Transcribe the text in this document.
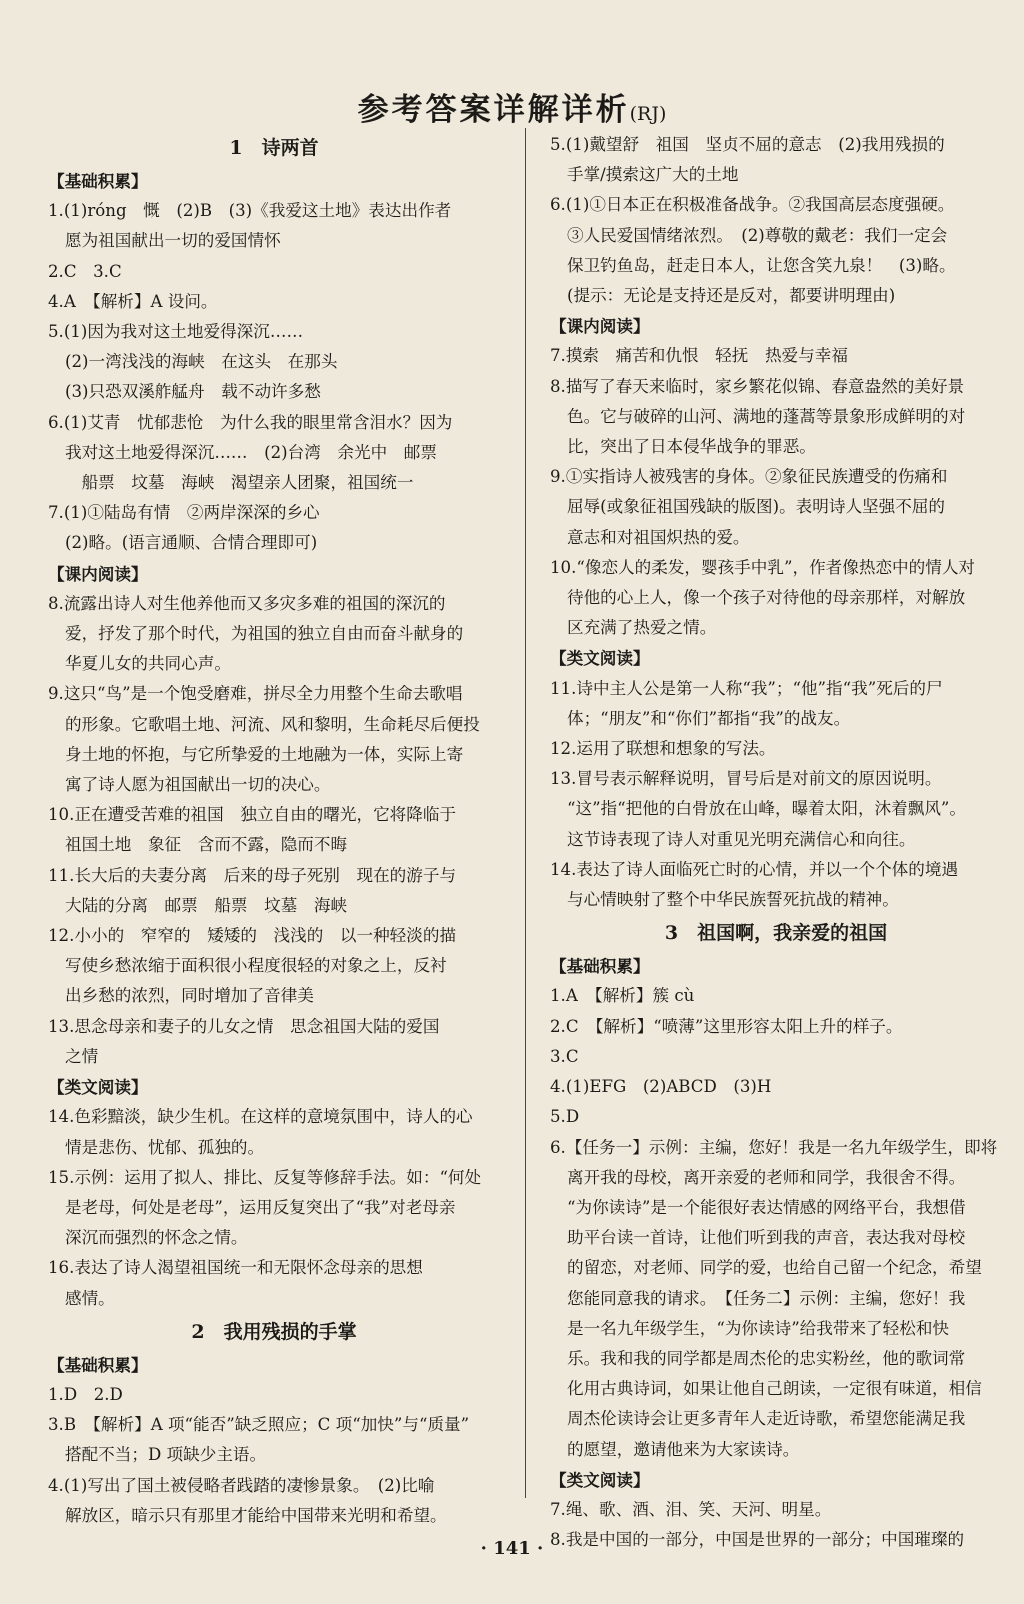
参考答案详解详析(RJ)
1　诗两首
【基础积累】
1.(1)róng　慨　(2)B　(3)《我爱这土地》表达出作者
愿为祖国献出一切的爱国情怀
2.C　3.C
4.A　【解析】A 设问。
5.(1)因为我对这土地爱得深沉……
(2)一湾浅浅的海峡　在这头　在那头
(3)只恐双溪舴艋舟　载不动许多愁
6.(1)艾青　忧郁悲怆　为什么我的眼里常含泪水？因为
我对这土地爱得深沉……　(2)台湾　余光中　邮票
　船票　坟墓　海峡　渴望亲人团聚，祖国统一
7.(1)①陆岛有情　②两岸深深的乡心
(2)略。(语言通顺、合情合理即可)
【课内阅读】
8.流露出诗人对生他养他而又多灾多难的祖国的深沉的
爱，抒发了那个时代，为祖国的独立自由而奋斗献身的
华夏儿女的共同心声。
9.这只“鸟”是一个饱受磨难，拼尽全力用整个生命去歌唱
的形象。它歌唱土地、河流、风和黎明，生命耗尽后便投
身土地的怀抱，与它所挚爱的土地融为一体，实际上寄
寓了诗人愿为祖国献出一切的决心。
10.正在遭受苦难的祖国　独立自由的曙光，它将降临于
祖国土地　象征　含而不露，隐而不晦
11.长大后的夫妻分离　后来的母子死别　现在的游子与
大陆的分离　邮票　船票　坟墓　海峡
12.小小的　窄窄的　矮矮的　浅浅的　以一种轻淡的描
写使乡愁浓缩于面积很小程度很轻的对象之上，反衬
出乡愁的浓烈，同时增加了音律美
13.思念母亲和妻子的儿女之情　思念祖国大陆的爱国
之情
【类文阅读】
14.色彩黯淡，缺少生机。在这样的意境氛围中，诗人的心
情是悲伤、忧郁、孤独的。
15.示例：运用了拟人、排比、反复等修辞手法。如：“何处
是老母，何处是老母”，运用反复突出了“我”对老母亲
深沉而强烈的怀念之情。
16.表达了诗人渴望祖国统一和无限怀念母亲的思想
感情。
2　我用残损的手掌
【基础积累】
1.D　2.D
3.B　【解析】A 项“能否”缺乏照应；C 项“加快”与“质量”
搭配不当；D 项缺少主语。
4.(1)写出了国土被侵略者践踏的凄惨景象。　(2)比喻
解放区，暗示只有那里才能给中国带来光明和希望。
5.(1)戴望舒　祖国　坚贞不屈的意志　(2)我用残损的
手掌/摸索这广大的土地
6.(1)①日本正在积极准备战争。②我国高层态度强硬。
③人民爱国情绪浓烈。　(2)尊敬的戴老：我们一定会
保卫钓鱼岛，赶走日本人，让您含笑九泉！　(3)略。
(提示：无论是支持还是反对，都要讲明理由)
【课内阅读】
7.摸索　痛苦和仇恨　轻抚　热爱与幸福
8.描写了春天来临时，家乡繁花似锦、春意盎然的美好景
色。它与破碎的山河、满地的蓬蒿等景象形成鲜明的对
比，突出了日本侵华战争的罪恶。
9.①实指诗人被残害的身体。②象征民族遭受的伤痛和
屈辱(或象征祖国残缺的版图)。表明诗人坚强不屈的
意志和对祖国炽热的爱。
10.“像恋人的柔发，婴孩手中乳”，作者像热恋中的情人对
待他的心上人，像一个孩子对待他的母亲那样，对解放
区充满了热爱之情。
【类文阅读】
11.诗中主人公是第一人称“我”；“他”指“我”死后的尸
体；“朋友”和“你们”都指“我”的战友。
12.运用了联想和想象的写法。
13.冒号表示解释说明，冒号后是对前文的原因说明。
“这”指“把他的白骨放在山峰，曝着太阳，沐着飘风”。
这节诗表现了诗人对重见光明充满信心和向往。
14.表达了诗人面临死亡时的心情，并以一个个体的境遇
与心情映射了整个中华民族誓死抗战的精神。
3　祖国啊，我亲爱的祖国
【基础积累】
1.A　【解析】簇 cù
2.C　【解析】“喷薄”这里形容太阳上升的样子。
3.C
4.(1)EFG　(2)ABCD　(3)H
5.D
6.【任务一】示例：主编，您好！我是一名九年级学生，即将
离开我的母校，离开亲爱的老师和同学，我很舍不得。
“为你读诗”是一个能很好表达情感的网络平台，我想借
助平台读一首诗，让他们听到我的声音，表达我对母校
的留恋，对老师、同学的爱，也给自己留一个纪念，希望
您能同意我的请求。　【任务二】示例：主编，您好！我
是一名九年级学生，“为你读诗”给我带来了轻松和快
乐。我和我的同学都是周杰伦的忠实粉丝，他的歌词常
化用古典诗词，如果让他自己朗读，一定很有味道，相信
周杰伦读诗会让更多青年人走近诗歌，希望您能满足我
的愿望，邀请他来为大家读诗。
【类文阅读】
7.绳、歌、酒、泪、笑、天河、明星。
8.我是中国的一部分，中国是世界的一部分；中国璀璨的
· 141 ·
